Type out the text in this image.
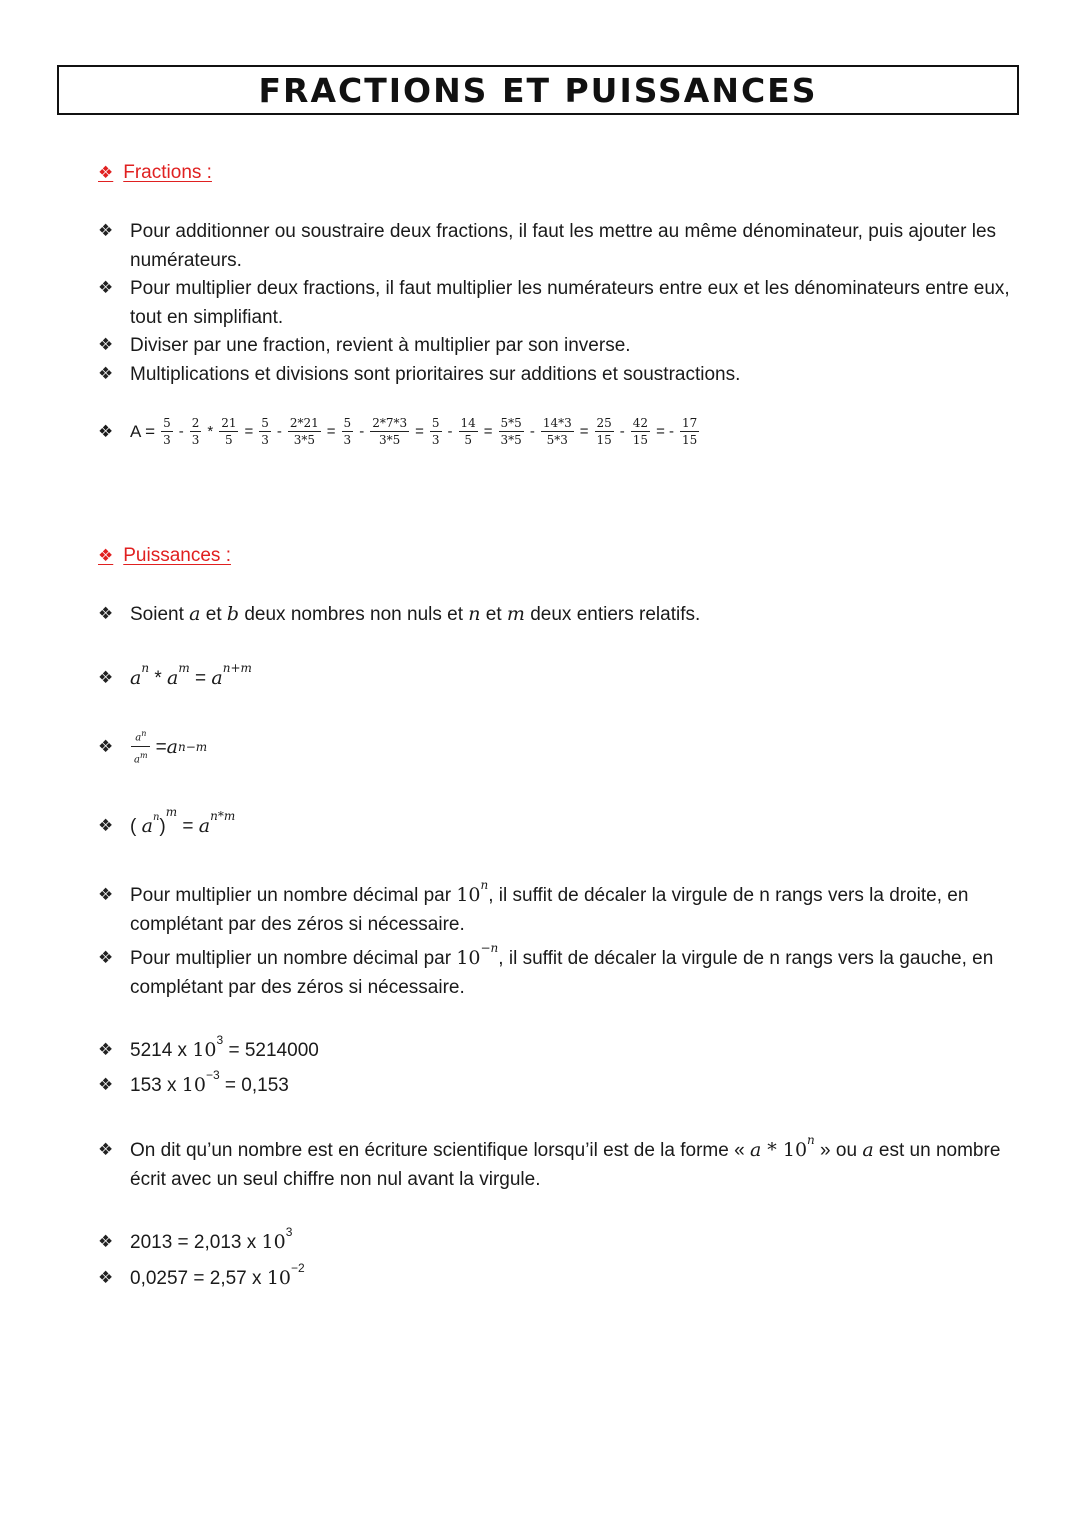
FRACTIONS ET PUISSANCES
❖ Fractions :
❖ Pour additionner ou soustraire deux fractions, il faut les mettre au même dénominateur, puis ajouter les numérateurs.
❖ Pour multiplier deux fractions, il faut multiplier les numérateurs entre eux et les dénominateurs entre eux, tout en simplifiant.
❖ Diviser par une fraction, revient à multiplier par son inverse.
❖ Multiplications et divisions sont prioritaires sur additions et soustractions.
❖ $A = \frac{5}{3} - \frac{2}{3} * \frac{21}{5} = \frac{5}{3} - \frac{2*21}{3*5} = \frac{5}{3} - \frac{2*7*3}{3*5} = \frac{5}{3} - \frac{14}{5} = \frac{5*5}{3*5} - \frac{14*3}{5*3} = \frac{25}{15} - \frac{42}{15}$ = - $\frac{17}{15}$
❖ Puissances :
❖ Soient a et b deux nombres non nuls et n et m deux entiers relatifs.
❖ $a^n * a^m = a^{n+m}$
❖	$\frac{a^n}{a^m} = a$ n−m
❖ ( $a^n)^m = a^{n*m}$
❖ Pour multiplier un nombre décimal par 10$^n$, il suffit de décaler la virgule de n rangs vers la droite, en complétant par des zéros si nécessaire.
❖ Pour multiplier un nombre décimal par $10^{-n}$, il suffit de décaler la virgule de n rangs vers la gauche, en complétant par des zéros si nécessaire.
❖ 5214 x $10^3 = 5214000$
❖ 153 x $10^{-3} = 0,153$
❖ On dit qu’un nombre est en écriture scientifique lorsqu’il est de la forme « a * 10$^n$ » ou a est un nombre écrit avec un seul chiffre non nul avant la virgule.
❖ 2013 = 2,013 x $10^3$
❖ 0,0257 = 2,57 x $10^{-2}$
